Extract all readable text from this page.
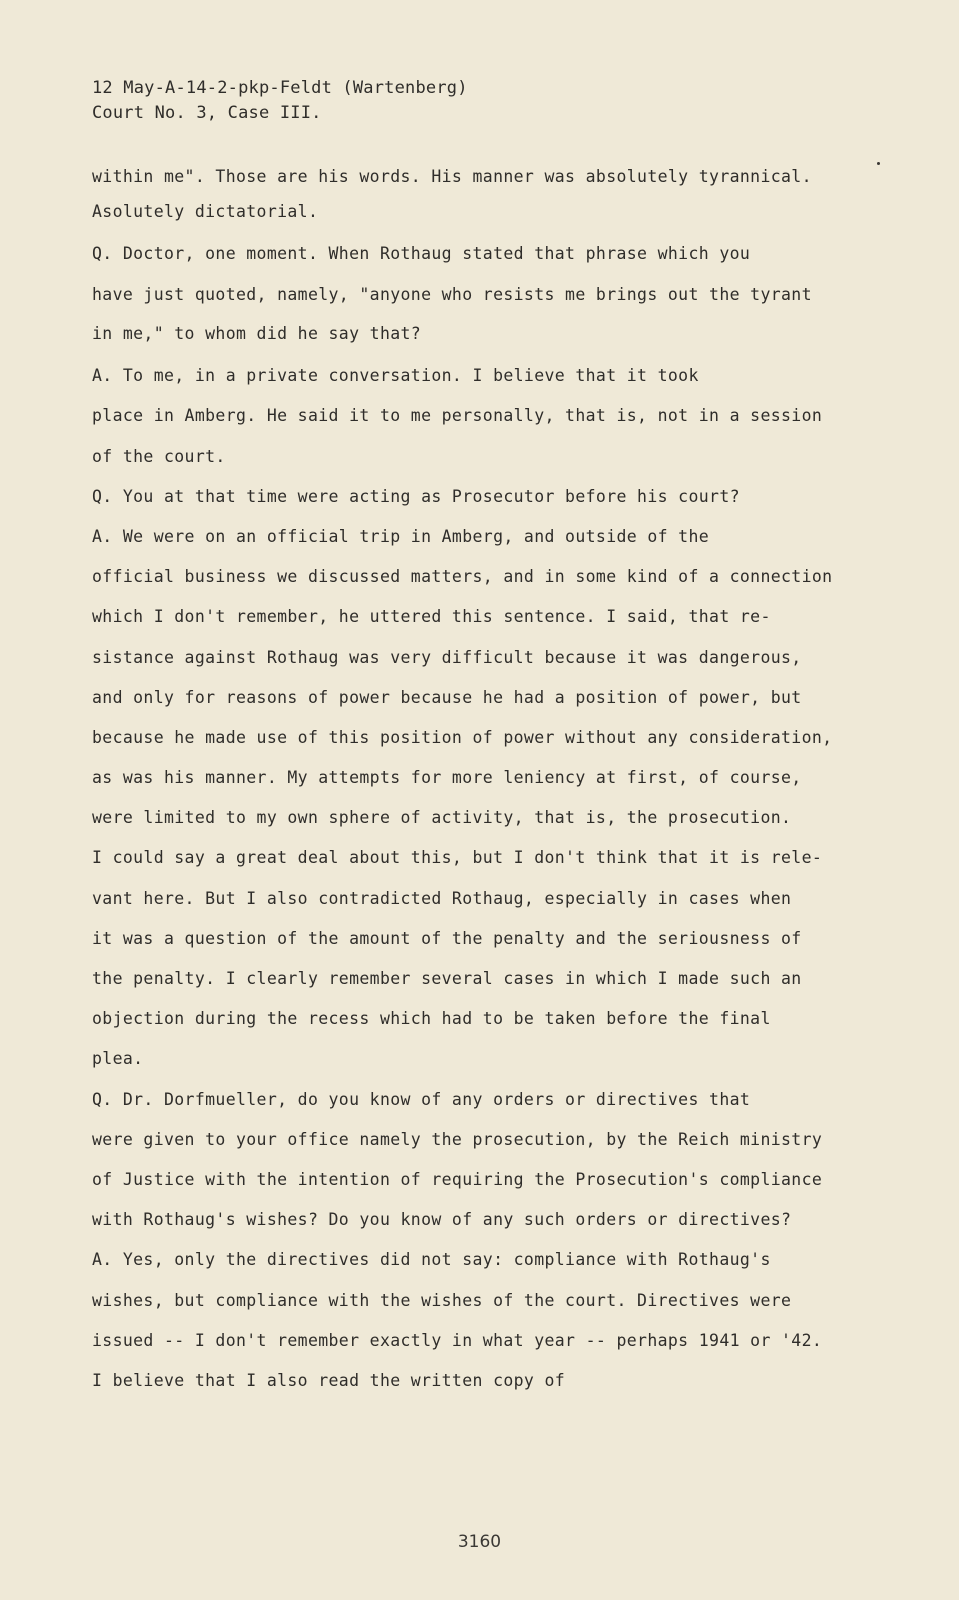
12 May-A-14-2-pkp-Feldt (Wartenberg)
Court No. 3, Case III.
within me". Those are his words. His manner was absolutely tyrannical.
Asolutely dictatorial.
Q. Doctor, one moment. When Rothaug stated that phrase which you
have just quoted, namely, "anyone who resists me brings out the tyrant
in me," to whom did he say that?
A. To me, in a private conversation. I believe that it took
place in Amberg. He said it to me personally, that is, not in a session
of the court.
Q. You at that time were acting as Prosecutor before his court?
A. We were on an official trip in Amberg, and outside of the
official business we discussed matters, and in some kind of a connection
which I don't remember, he uttered this sentence. I said, that re-
sistance against Rothaug was very difficult because it was dangerous,
and only for reasons of power because he had a position of power, but
because he made use of this position of power without any consideration,
as was his manner. My attempts for more leniency at first, of course,
were limited to my own sphere of activity, that is, the prosecution.
I could say a great deal about this, but I don't think that it is rele-
vant here. But I also contradicted Rothaug, especially in cases when
it was a question of the amount of the penalty and the seriousness of
the penalty. I clearly remember several cases in which I made such an
objection during the recess which had to be taken before the final
plea.
Q. Dr. Dorfmueller, do you know of any orders or directives that
were given to your office namely the prosecution, by the Reich ministry
of Justice with the intention of requiring the Prosecution's compliance
with Rothaug's wishes? Do you know of any such orders or directives?
A. Yes, only the directives did not say: compliance with Rothaug's
wishes, but compliance with the wishes of the court. Directives were
issued -- I don't remember exactly in what year -- perhaps 1941 or '42.
I believe that I also read the written copy of
3160
